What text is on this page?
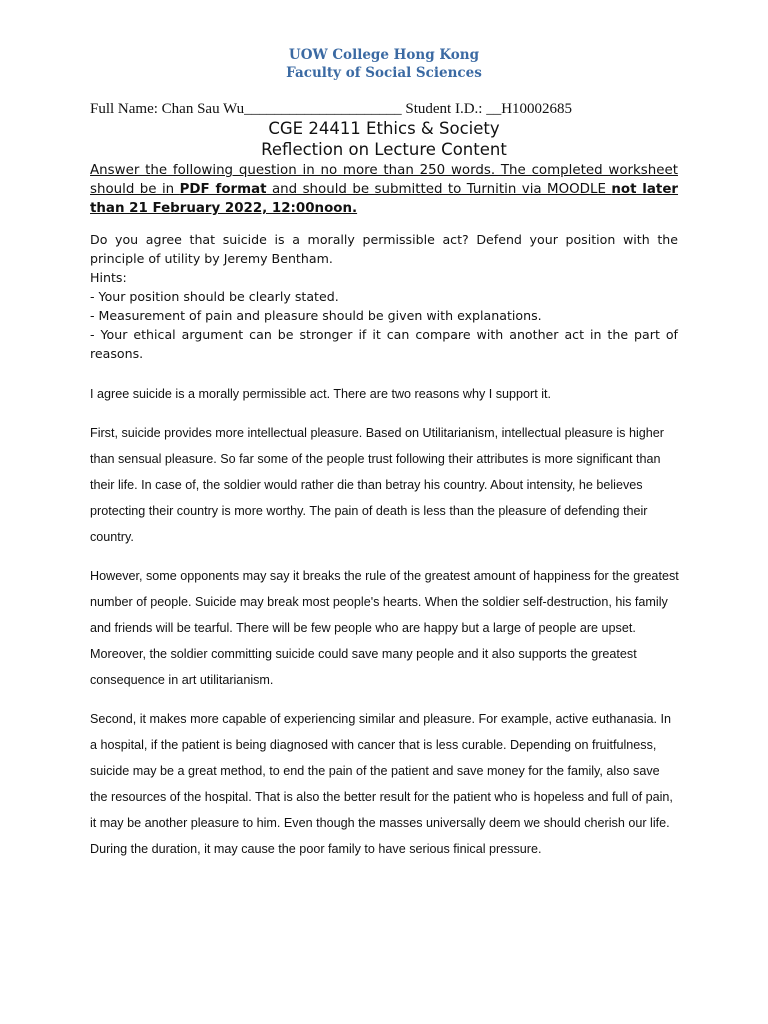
UOW College Hong Kong
Faculty of Social Sciences
Full Name: Chan Sau Wu_____________________ Student I.D.: __H10002685
CGE 24411 Ethics & Society
Reflection on Lecture Content
Answer the following question in no more than 250 words. The completed worksheet should be in PDF format and should be submitted to Turnitin via MOODLE not later than 21 February 2022, 12:00noon.
Do you agree that suicide is a morally permissible act? Defend your position with the principle of utility by Jeremy Bentham.
Hints:
- Your position should be clearly stated.
- Measurement of pain and pleasure should be given with explanations.
- Your ethical argument can be stronger if it can compare with another act in the part of reasons.

I agree suicide is a morally permissible act. There are two reasons why I support it.

First, suicide provides more intellectual pleasure. Based on Utilitarianism, intellectual pleasure is higher than sensual pleasure. So far some of the people trust following their attributes is more significant than their life. In case of, the soldier would rather die than betray his country. About intensity, he believes protecting their country is more worthy. The pain of death is less than the pleasure of defending their country.

However, some opponents may say it breaks the rule of the greatest amount of happiness for the greatest number of people. Suicide may break most people's hearts. When the soldier self-destruction, his family and friends will be tearful. There will be few people who are happy but a large of people are upset. Moreover, the soldier committing suicide could save many people and it also supports the greatest consequence in art utilitarianism.

Second, it makes more capable of experiencing similar and pleasure. For example, active euthanasia. In a hospital, if the patient is being diagnosed with cancer that is less curable. Depending on fruitfulness, suicide may be a great method, to end the pain of the patient and save money for the family, also save the resources of the hospital. That is also the better result for the patient who is hopeless and full of pain, it may be another pleasure to him. Even though the masses universally deem we should cherish our life. During the duration, it may cause the poor family to have serious finical pressure.
